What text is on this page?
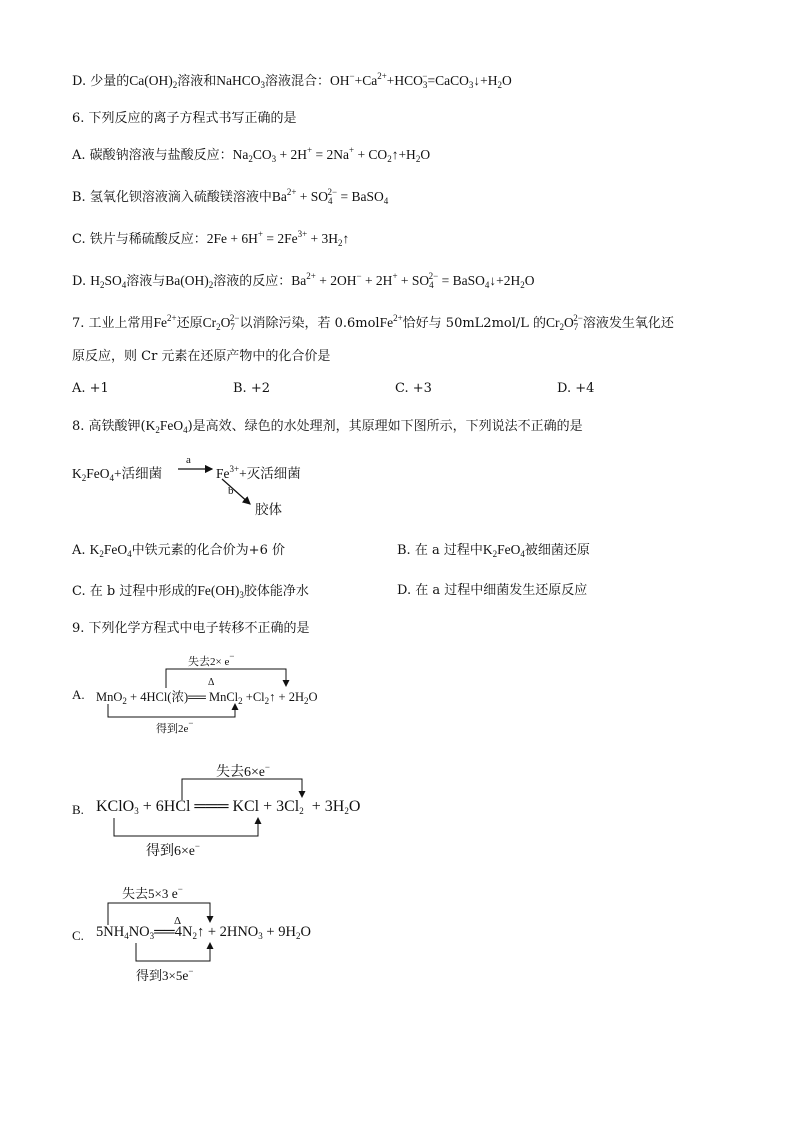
D. 少量的$Ca(OH)_2$溶液和NaHCO$_3$溶液混合：$OH^-+Ca^{2+}+HCO_3^-=CaCO_3↓+H_2O$
6. 下列反应的离子方程式书写正确的是
A. 碳酸钠溶液与盐酸反应：$Na_2CO_3 + 2H^+ = 2Na^+$ + $CO_2↑+H_2O$
B. 氢氧化钡溶液滴入硫酸镁溶液中$Ba^{2+} + SO_4^{2-}$ = BaSO$_4$
C. 铁片与稀硫酸反应：$2Fe + 6H^+ = 2Fe^{3+}$ + $3H_2↑$
D. $H_2SO_4$溶液与$Ba(OH)_2$溶液的反应：$Ba^{2+} + 2OH^- + 2H^+ + SO_4^{2-}$ = $BaSO_4↓+2H_2O$
7. 工业上常用$Fe^{2+}$还原$Cr_2O_7^{2-}$以消除污染，若 0.6molFe$^{2+}$恰好与 50mL2mol/L 的$Cr_2O_7^{2-}$溶液发生氧化还
原反应，则 Cr 元素在还原产物中的化合价是
A. +1	B. +2	C. +3	D. +4
8. 高铁酸钾$(K_2FeO_4)$是高效、绿色的水处理剂，其原理如下图所示，下列说法不正确的是
$K_2FeO_4+$活细菌
a
$Fe^{3+}+$灭活细菌
b
胶体
A. $K_2FeO_4$中铁元素的化合价为+6 价	B. 在 a 过程中$K_2FeO_4$被细菌还原
C. 在 b 过程中形成的$Fe(OH)_3$胶体能净水	D. 在 a 过程中细菌发生还原反应
9. 下列化学方程式中电子转移不正确的是
A.
失去2× e−
Δ
MnO$_2$ + 4HCl(浓)══ MnCl$_2$ $+Cl_2↑ + 2H_2O$
得到2e−
B.
失去6×e−
KClO$_3$ + 6HCl ═══ KCl + $3Cl_2 + 3H_2O$
得到6×e−
C.
失去5×3 e−
Δ
$5NH_4NO_3══4N_2↑ + 2HNO_3 + 9H_2O$
得到3×5e−
